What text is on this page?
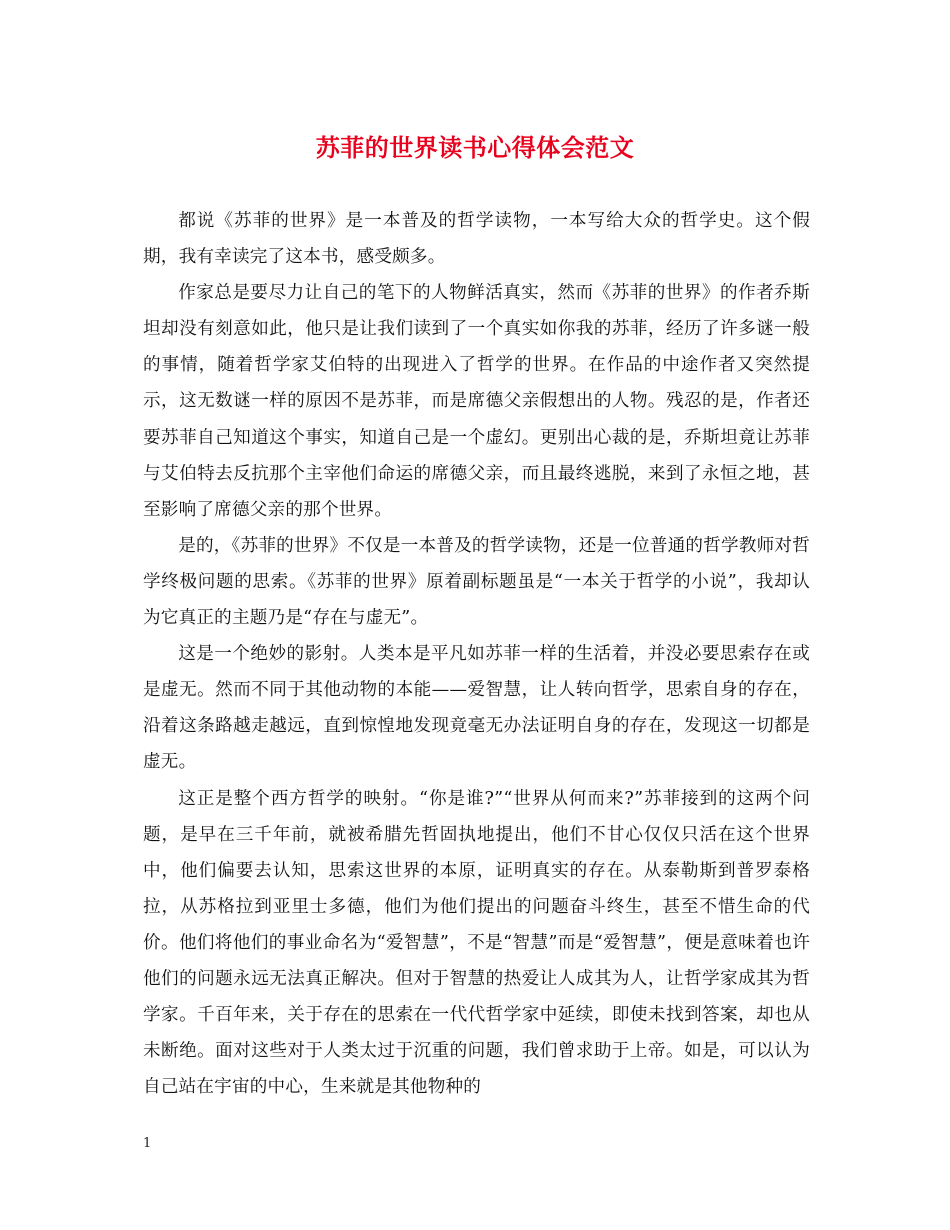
苏菲的世界读书心得体会范文

都说《苏菲的世界》是一本普及的哲学读物，一本写给大众的哲学史。这个假期，我有幸读完了这本书，感受颇多。

作家总是要尽力让自己的笔下的人物鲜活真实，然而《苏菲的世界》的作者乔斯坦却没有刻意如此，他只是让我们读到了一个真实如你我的苏菲，经历了许多谜一般的事情，随着哲学家艾伯特的出现进入了哲学的世界。在作品的中途作者又突然提示，这无数谜一样的原因不是苏菲，而是席德父亲假想出的人物。残忍的是，作者还要苏菲自己知道这个事实，知道自己是一个虚幻。更别出心裁的是，乔斯坦竟让苏菲与艾伯特去反抗那个主宰他们命运的席德父亲，而且最终逃脱，来到了永恒之地，甚至影响了席德父亲的那个世界。

是的，《苏菲的世界》不仅是一本普及的哲学读物，还是一位普通的哲学教师对哲学终极问题的思索。《苏菲的世界》原着副标题虽是“一本关于哲学的小说”，我却认为它真正的主题乃是“存在与虚无”。

这是一个绝妙的影射。人类本是平凡如苏菲一样的生活着，并没必要思索存在或是虚无。然而不同于其他动物的本能——爱智慧，让人转向哲学，思索自身的存在，沿着这条路越走越远，直到惊惶地发现竟毫无办法证明自身的存在，发现这一切都是虚无。

这正是整个西方哲学的映射。“你是谁?”“世界从何而来?”苏菲接到的这两个问题，是早在三千年前，就被希腊先哲固执地提出，他们不甘心仅仅只活在这个世界中，他们偏要去认知，思索这世界的本原，证明真实的存在。从泰勒斯到普罗泰格拉，从苏格拉到亚里士多德，他们为他们提出的问题奋斗终生，甚至不惜生命的代价。他们将他们的事业命名为“爱智慧”，不是“智慧”而是“爱智慧”，便是意味着也许他们的问题永远无法真正解决。但对于智慧的热爱让人成其为人，让哲学家成其为哲学家。千百年来，关于存在的思索在一代代哲学家中延续，即使未找到答案，却也从未断绝。面对这些对于人类太过于沉重的问题，我们曾求助于上帝。如是，可以认为自己站在宇宙的中心，生来就是其他物种的

1
